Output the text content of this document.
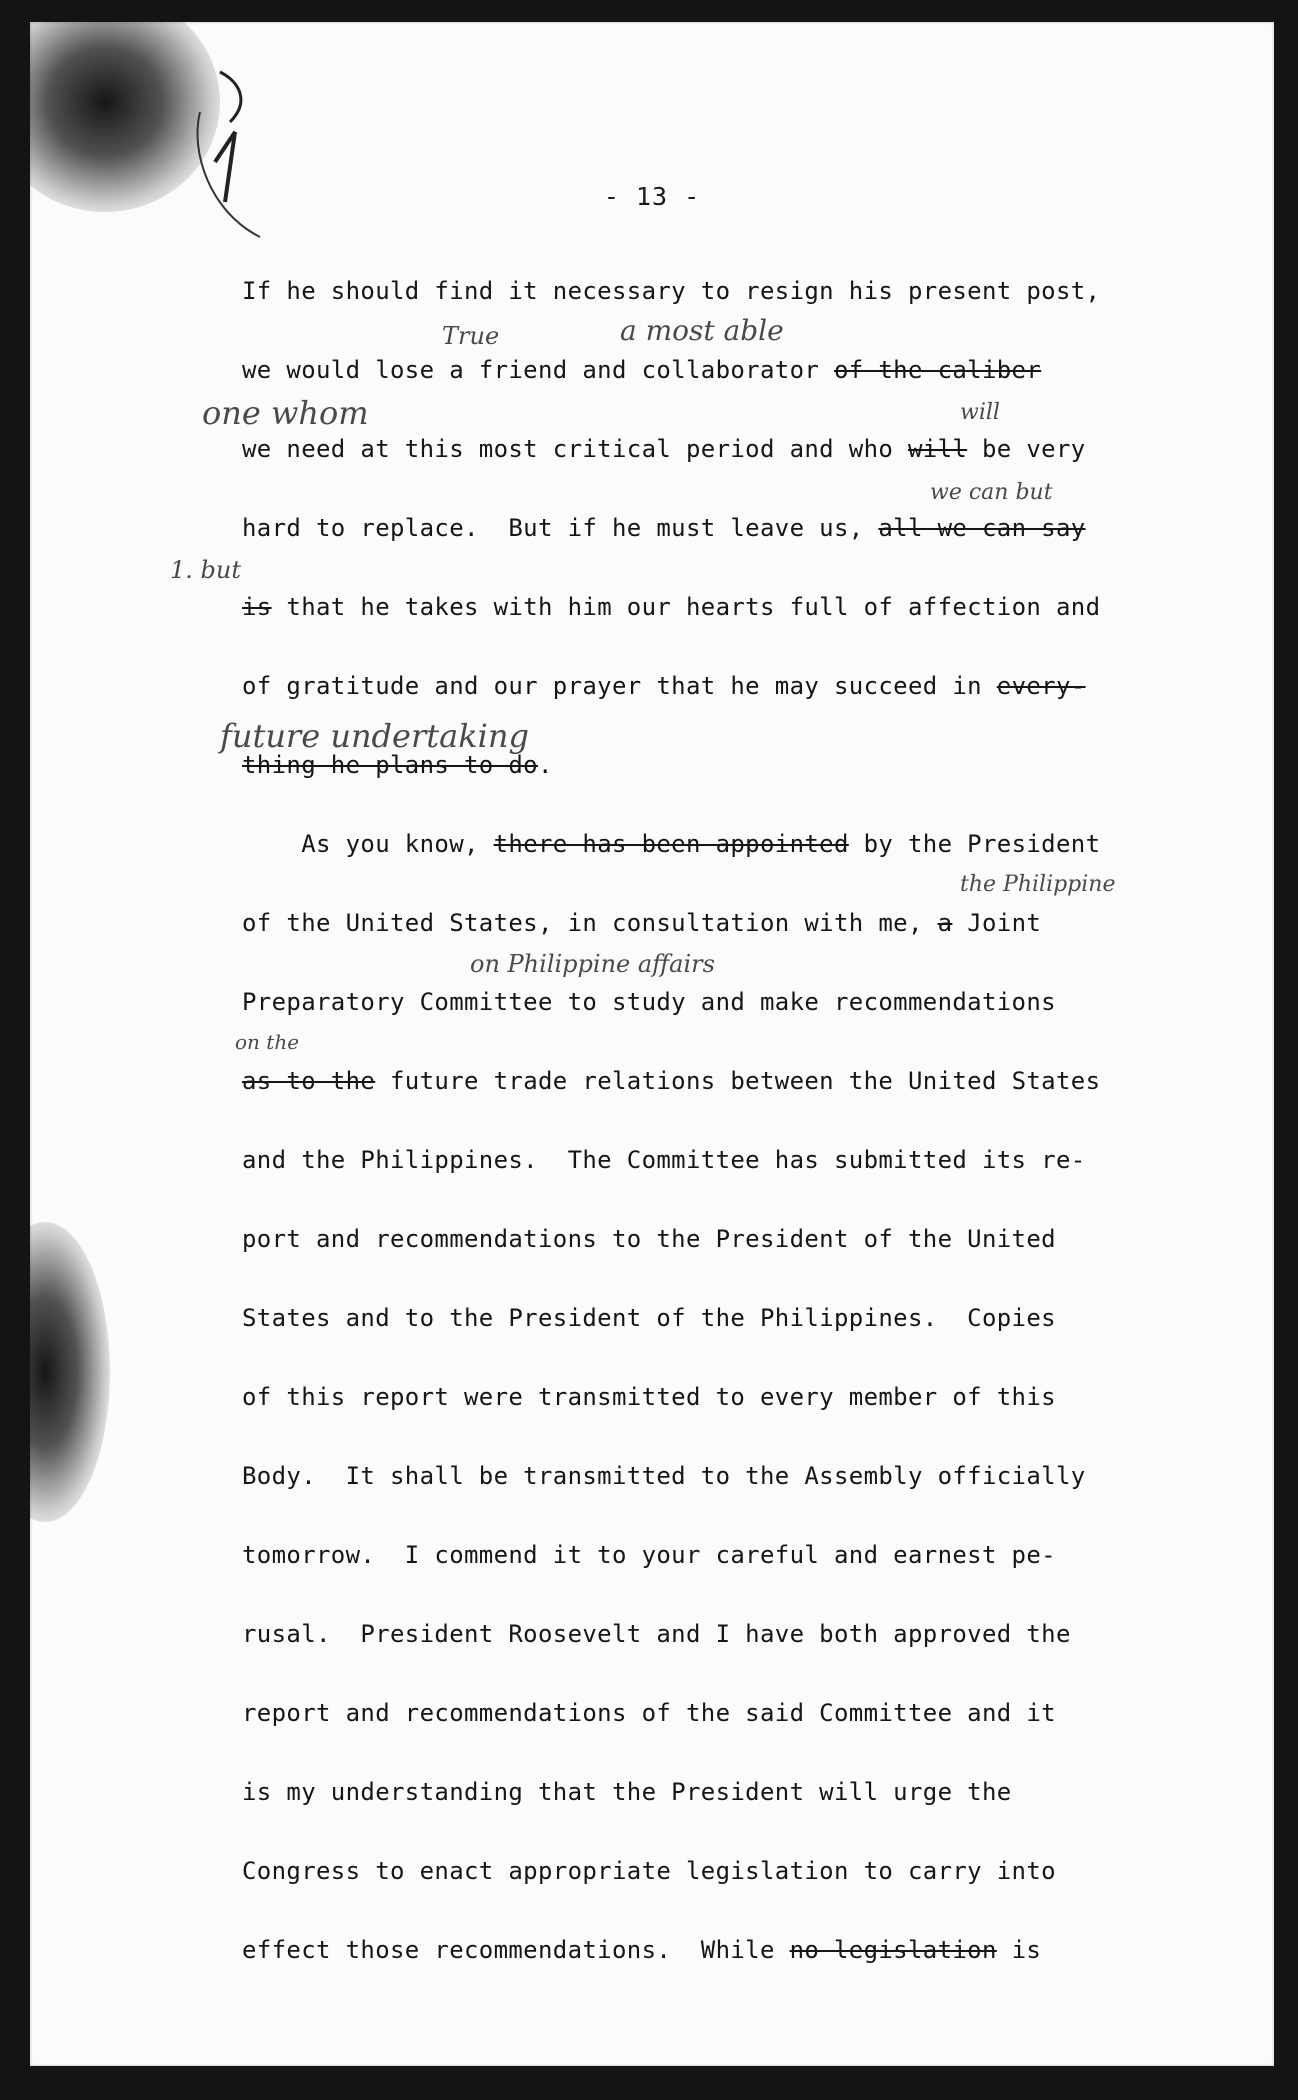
- 13 -
If he should find it necessary to resign his present post,
we would lose a friend and collaborator of the caliber
we need at this most critical period and who will be very
hard to replace.  But if he must leave us, all we can say
is that he takes with him our hearts full of affection and
of gratitude and our prayer that he may succeed in every-
thing he plans to do.
As you know, there has been appointed by the President
of the United States, in consultation with me, a Joint
Preparatory Committee to study and make recommendations
as to the future trade relations between the United States
and the Philippines.  The Committee has submitted its re-
port and recommendations to the President of the United
States and to the President of the Philippines.  Copies
of this report were transmitted to every member of this
Body.  It shall be transmitted to the Assembly officially
tomorrow.  I commend it to your careful and earnest pe-
rusal.  President Roosevelt and I have both approved the
report and recommendations of the said Committee and it
is my understanding that the President will urge the
Congress to enact appropriate legislation to carry into
effect those recommendations.  While no legislation is
True	a most able
one whom	will
we can but
1. but
future undertaking
the Philippine
on Philippine affairs
on the
